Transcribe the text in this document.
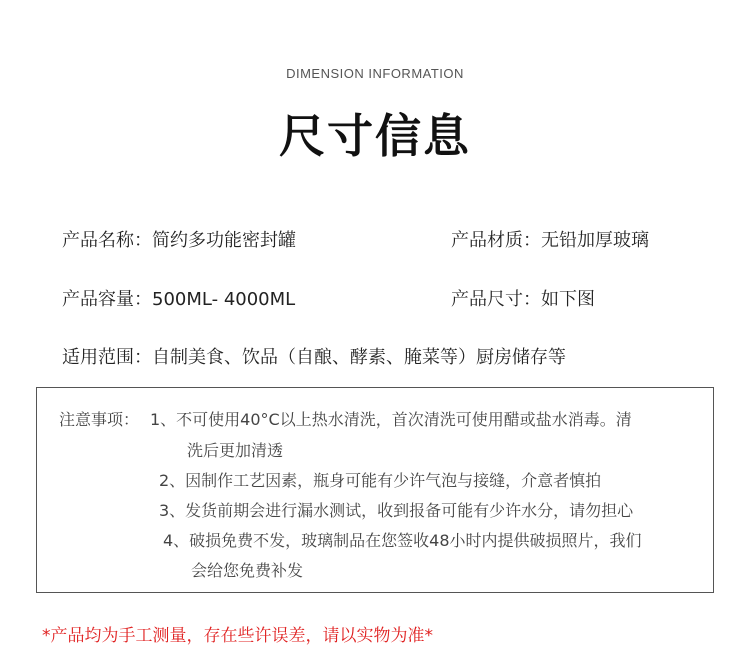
DIMENSION INFORMATION
尺寸信息
产品名称：简约多功能密封罐	产品材质：无铅加厚玻璃
产品容量：500ML- 4000ML	产品尺寸：如下图
适用范围：自制美食、饮品（自酿、酵素、腌菜等）厨房储存等
注意事项： 1、不可使用40°C以上热水清洗，首次清洗可使用醋或盐水消毒。清
洗后更加清透
2、因制作工艺因素，瓶身可能有少许气泡与接缝，介意者慎拍
3、发货前期会进行漏水测试，收到报备可能有少许水分，请勿担心
4、破损免费不发，玻璃制品在您签收48小时内提供破损照片，我们
会给您免费补发
*产品均为手工测量，存在些许误差，请以实物为准*
